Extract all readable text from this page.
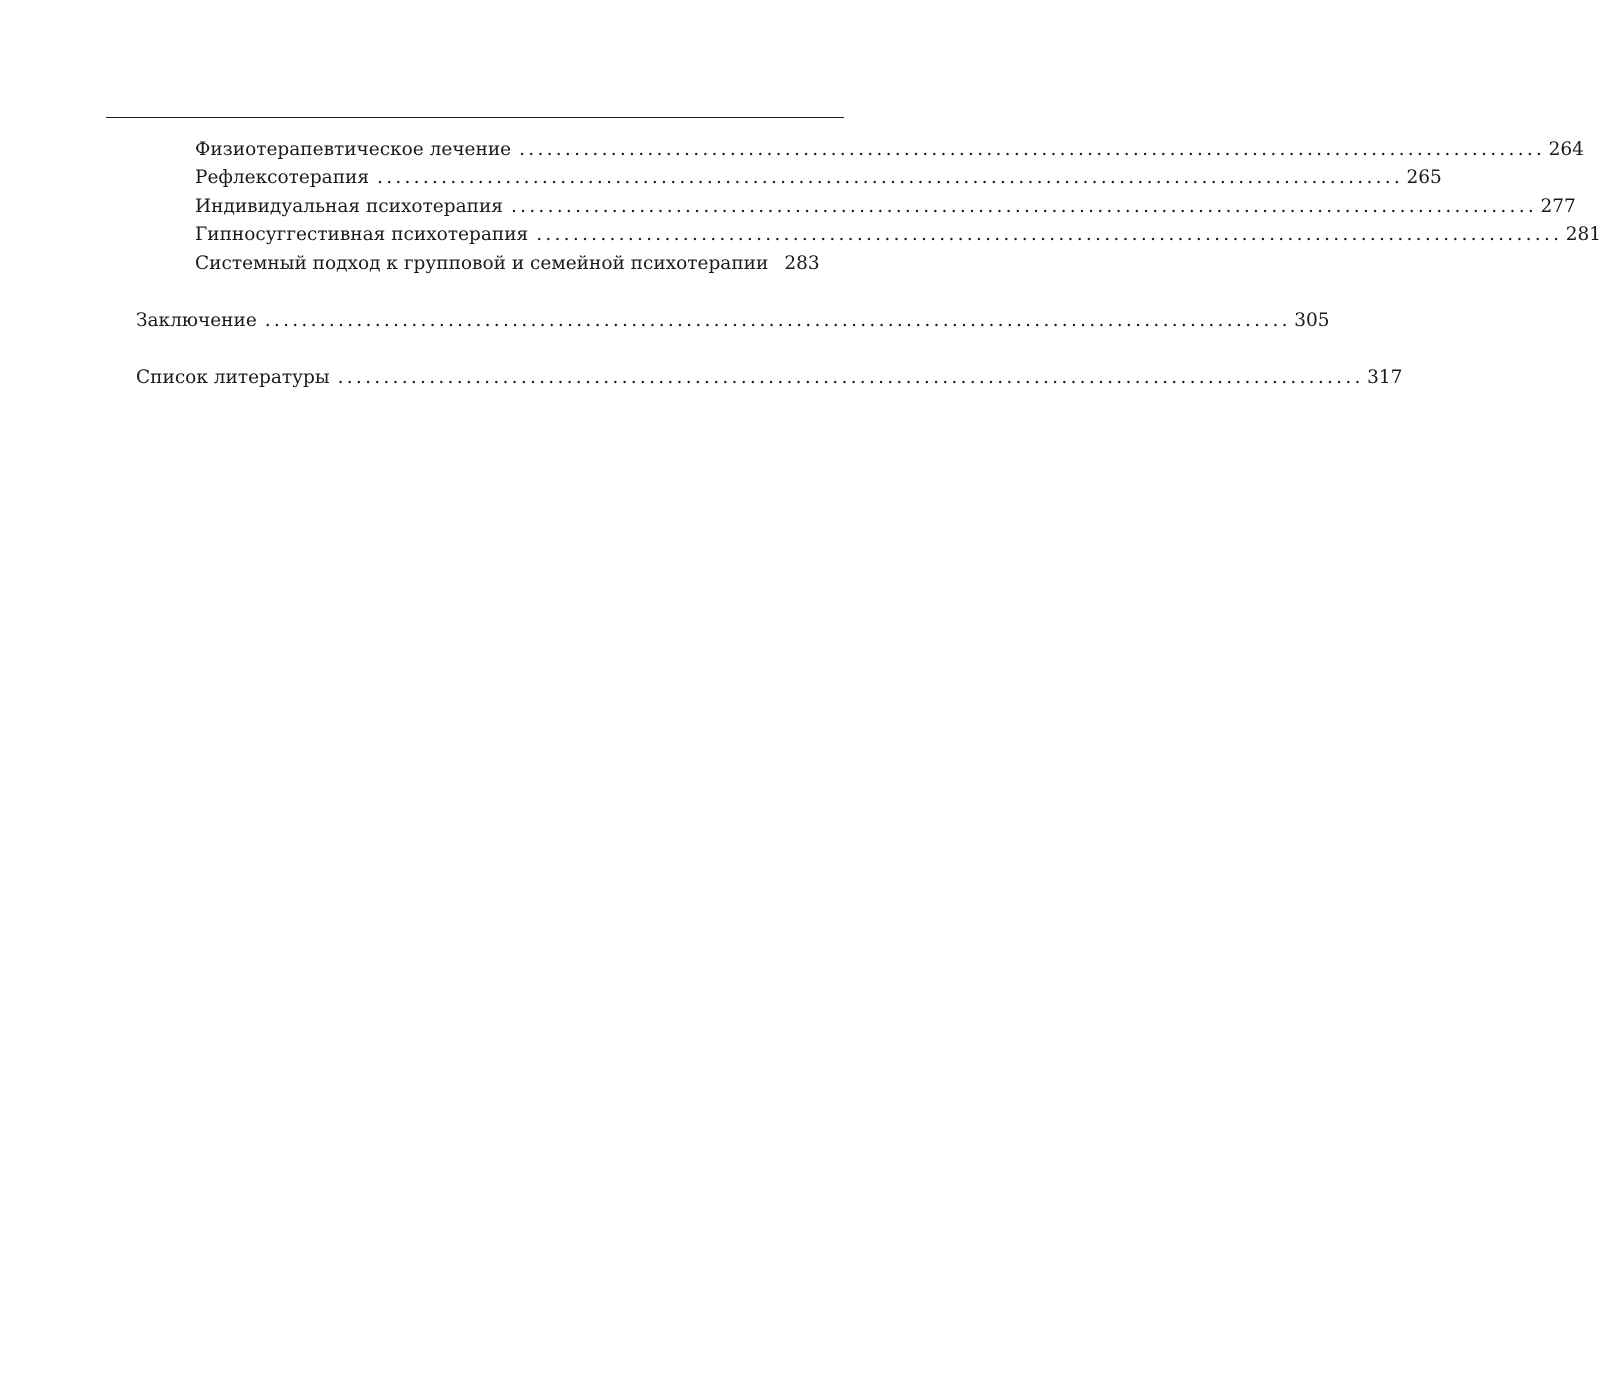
Физиотерапевтическое лечение . . .	264
Рефлексотерапия . . .	265
Индивидуальная психотерапия . . .	277
Гипносуггестивная психотерапия . . .	281
Системный подход к групповой и семейной психотерапии 283
Заключение . . .	305
Список литературы . . .	317
